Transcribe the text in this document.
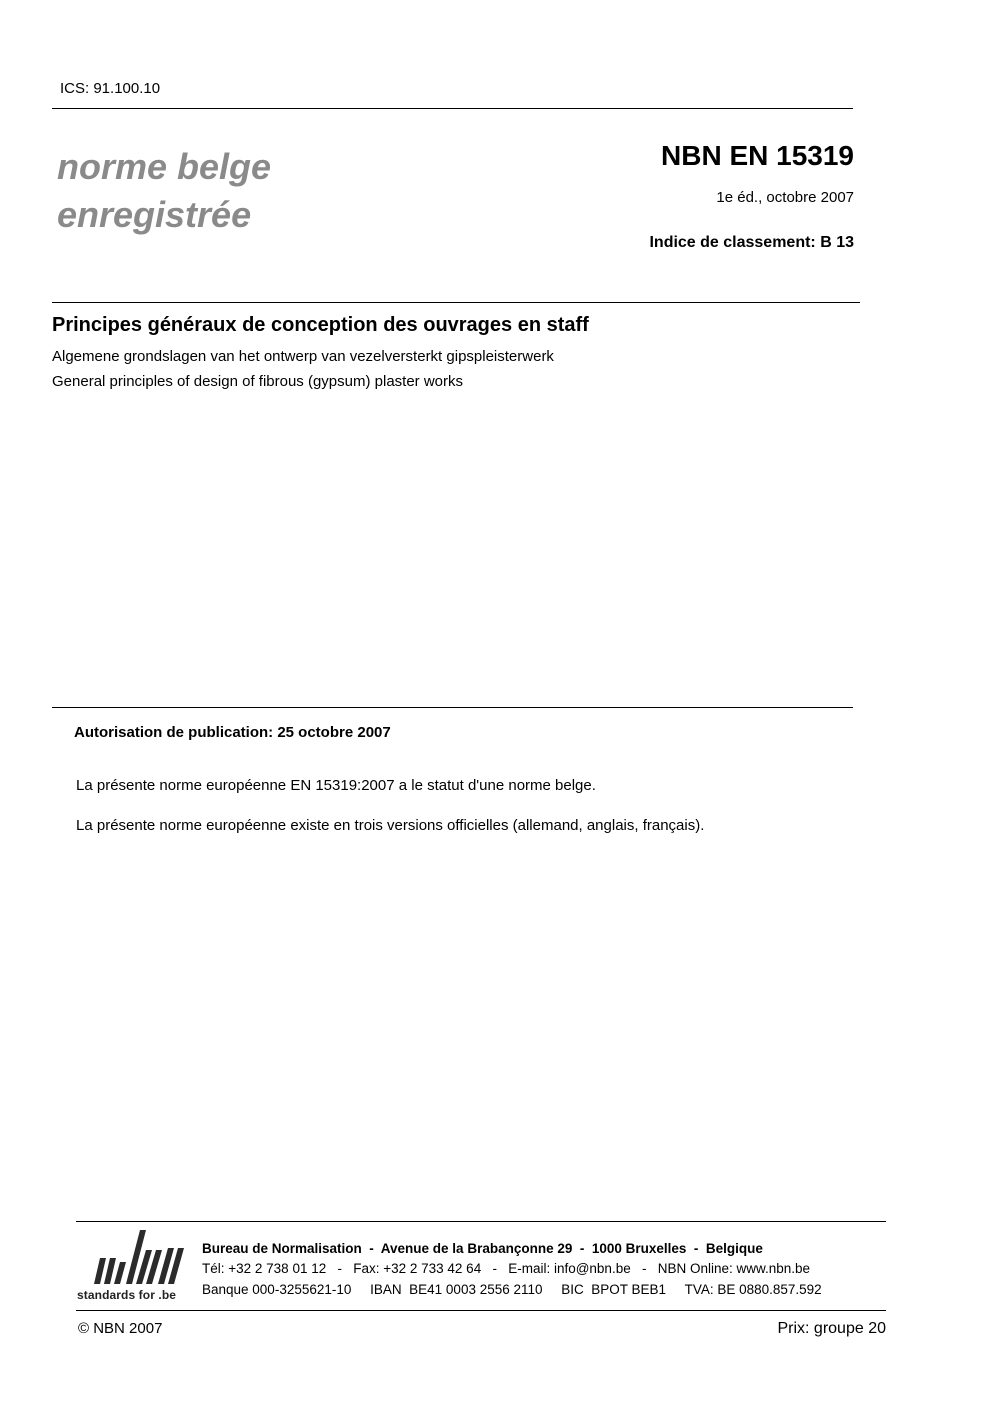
ICS: 91.100.10
norme belge
enregistrée
NBN EN 15319
1e éd., octobre 2007
Indice de classement: B 13
Principes généraux de conception des ouvrages en staff
Algemene grondslagen van het ontwerp van vezelversterkt gipspleisterwerk
General principles of design of fibrous (gypsum) plaster works
Autorisation de publication: 25 octobre 2007
La présente norme européenne EN 15319:2007 a le statut d'une norme belge.
La présente norme européenne existe en trois versions officielles (allemand, anglais, français).
standards for .be
Bureau de Normalisation  -  Avenue de la Brabançonne 29  -  1000 Bruxelles  -  Belgique
Tél: +32 2 738 01 12   -   Fax: +32 2 733 42 64   -   E-mail: info@nbn.be   -   NBN Online: www.nbn.be
Banque 000-3255621-10     IBAN  BE41 0003 2556 2110     BIC  BPOT BEB1     TVA: BE 0880.857.592
© NBN 2007	Prix: groupe 20
